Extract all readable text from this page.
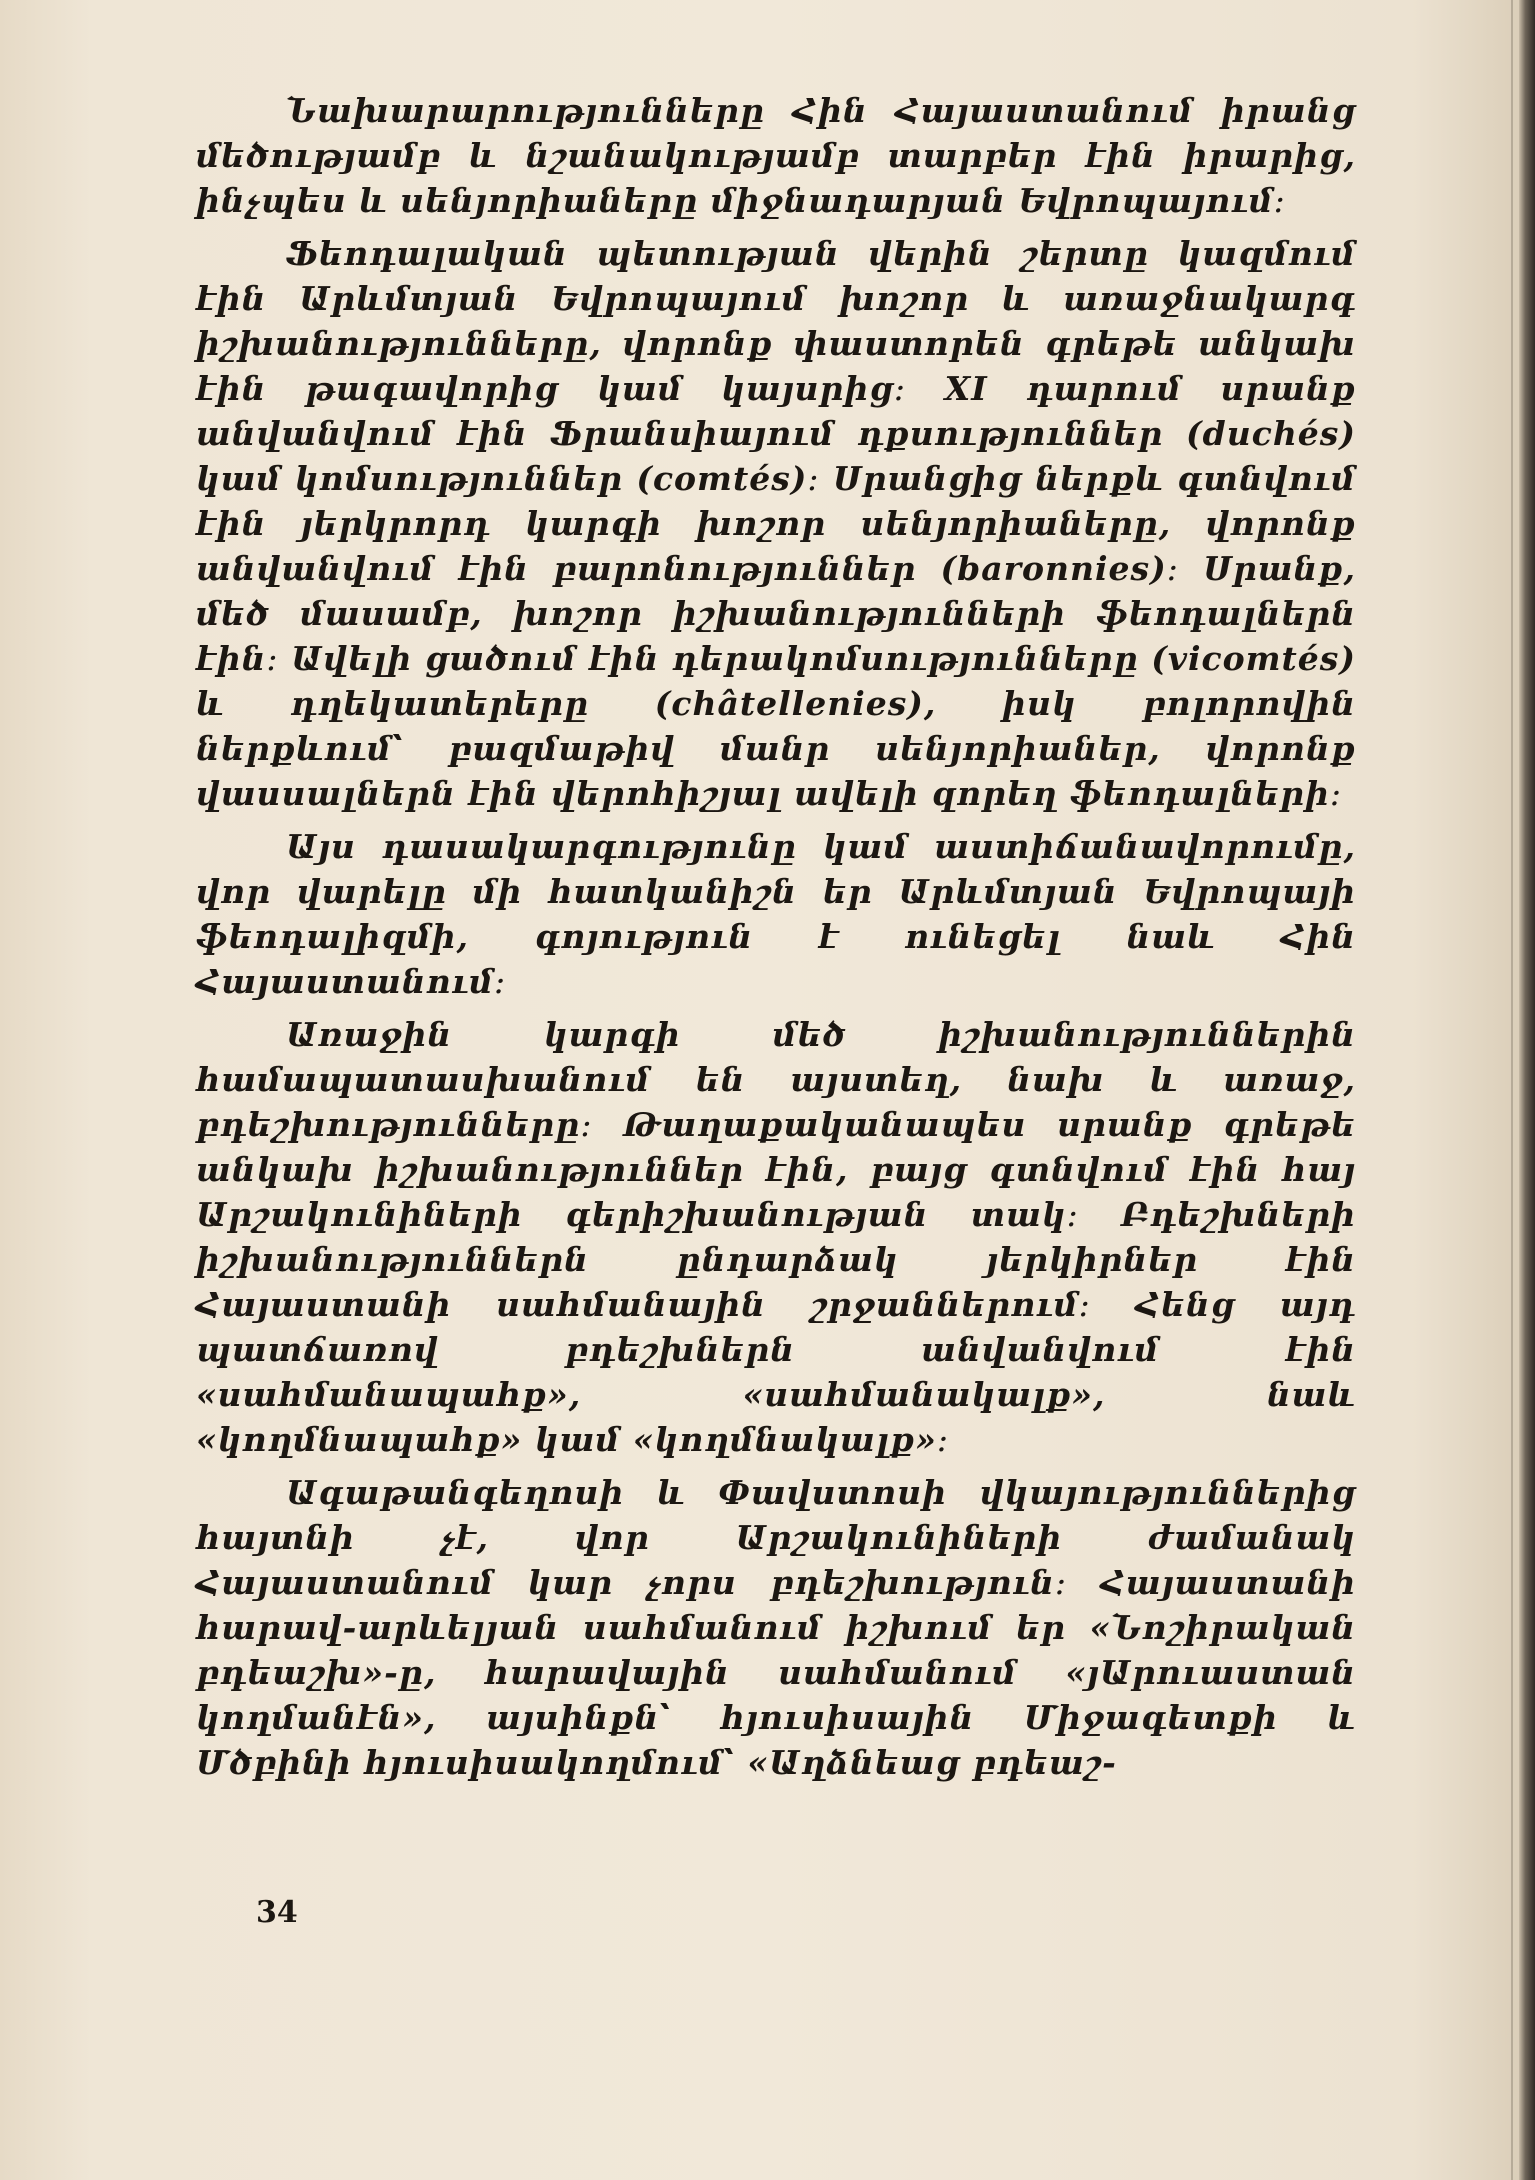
Նախարարությունները Հին Հայաստանում իրանց մեծությամբ և նշանակությամբ տարբեր էին իրարից, ինչպես և սենյորիաները միջնադարյան Եվրոպայում։

Ֆեոդալական պետության վերին շերտը կազմում էին Արևմտյան Եվրոպայում խոշոր և առաջնակարգ իշխանությունները, վորոնք փաստորեն գրեթե անկախ էին թագավորից կամ կայսրից։ XI դարում սրանք անվանվում էին Ֆրանսիայում դքսություններ (duchés) կամ կոմսություններ (comtés)։ Սրանցից ներքև գտնվում էին յերկրորդ կարգի խոշոր սենյորիաները, վորոնք անվանվում էին բարոնություններ (baronnies)։ Սրանք, մեծ մասամբ, խոշոր իշխանությունների ֆեոդալներն էին։ Ավելի ցածում էին դերակոմսությունները (vicomtés) և դղեկատերերը (châtellenies), իսկ բոլորովին ներքևում՝ բազմաթիվ մանր սենյորիաներ, վորոնք վասսալներն էին վերոհիշյալ ավելի զորեղ ֆեոդալների։

Այս դասակարգությունը կամ աստիճանավորումը, վոր վարելը մի հատկանիշն եր Արևմտյան Եվրոպայի ֆեոդալիզմի, գոյություն է ունեցել նաև Հին Հայաստանում։

Առաջին կարգի մեծ իշխանություններին համապատասխանում են այստեղ, նախ և առաջ, բդեշխությունները։ Թաղաքականապես սրանք գրեթե անկախ իշխանություններ էին, բայց գտնվում էին հայ Արշակունիների գերիշխանության տակ։ Բդեշխների իշխանություններն ընդարձակ յերկիրներ էին Հայաստանի սահմանային շրջաններում։ Հենց այդ պատճառով բդեշխներն անվանվում էին «սահմանապահք», «սահմանակալք», նաև «կողմնապահք» կամ «կողմնակալք»։

Ագաթանգեղոսի և Փավստոսի վկայություններից հայտնի չէ, վոր Արշակունիների ժամանակ Հայաստանում կար չորս բդեշխություն։ Հայաստանի հարավ-արևելյան սահմանում իշխում եր «Նոշիրական բդեաշխ»-ը, հարավային սահմանում «յԱրուաստան կողմանէն», այսինքն՝ հյուսիսային Միջագետքի և Մծբինի հյուսիսակողմում՝ «Աղձնեաց բդեաշ-

34
